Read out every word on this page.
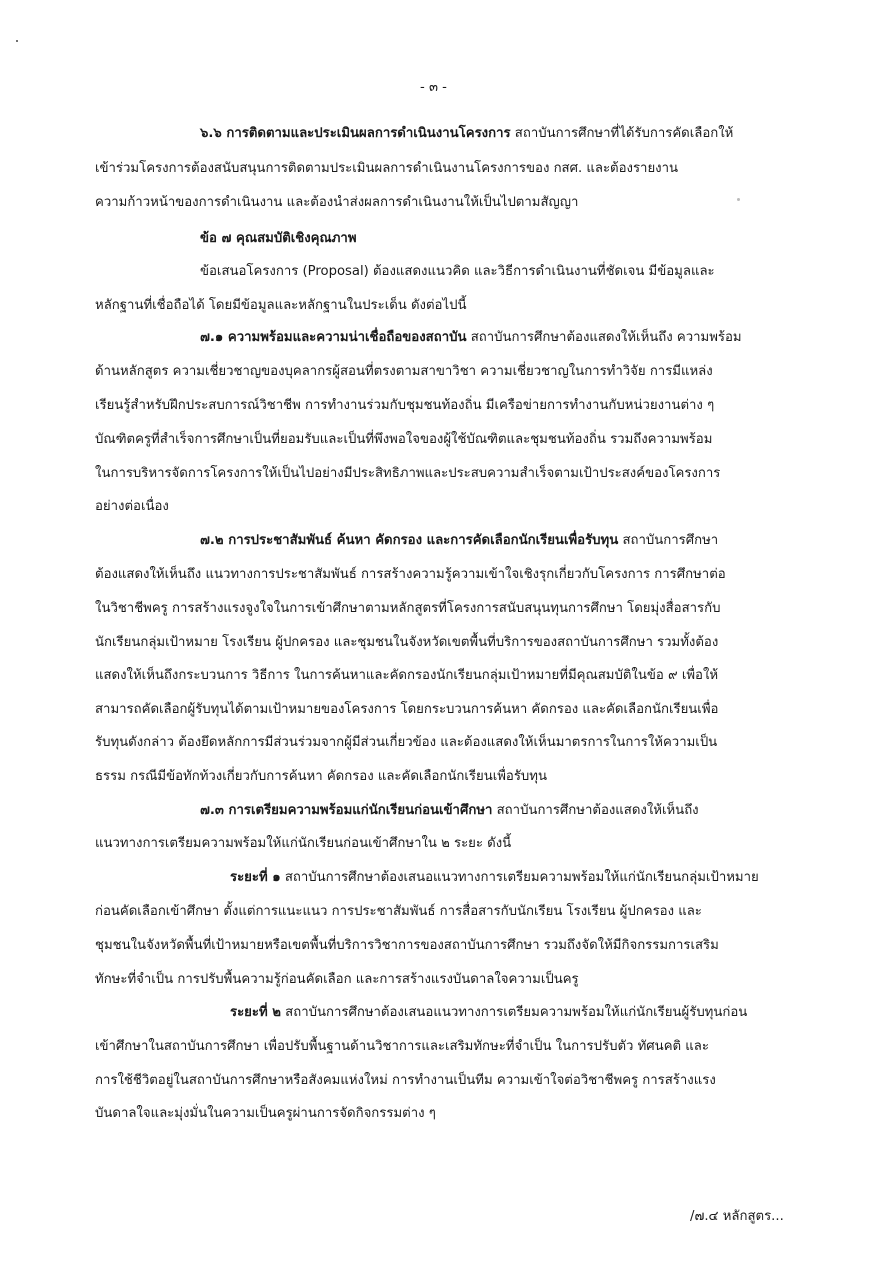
- ๓ -
๖.๖ การติดตามและประเมินผลการดำเนินงานโครงการ สถาบันการศึกษาที่ได้รับการคัดเลือกให้
เข้าร่วมโครงการต้องสนับสนุนการติดตามประเมินผลการดำเนินงานโครงการของ กสศ. และต้องรายงาน
ความก้าวหน้าของการดำเนินงาน และต้องนำส่งผลการดำเนินงานให้เป็นไปตามสัญญา
ข้อ ๗ คุณสมบัติเชิงคุณภาพ
ข้อเสนอโครงการ (Proposal) ต้องแสดงแนวคิด และวิธีการดำเนินงานที่ชัดเจน มีข้อมูลและ
หลักฐานที่เชื่อถือได้ โดยมีข้อมูลและหลักฐานในประเด็น ดังต่อไปนี้
๗.๑ ความพร้อมและความน่าเชื่อถือของสถาบัน สถาบันการศึกษาต้องแสดงให้เห็นถึง ความพร้อม
ด้านหลักสูตร ความเชี่ยวชาญของบุคลากรผู้สอนที่ตรงตามสาขาวิชา ความเชี่ยวชาญในการทำวิจัย การมีแหล่ง
เรียนรู้สำหรับฝึกประสบการณ์วิชาชีพ การทำงานร่วมกับชุมชนท้องถิ่น มีเครือข่ายการทำงานกับหน่วยงานต่าง ๆ
บัณฑิตครูที่สำเร็จการศึกษาเป็นที่ยอมรับและเป็นที่พึงพอใจของผู้ใช้บัณฑิตและชุมชนท้องถิ่น รวมถึงความพร้อม
ในการบริหารจัดการโครงการให้เป็นไปอย่างมีประสิทธิภาพและประสบความสำเร็จตามเป้าประสงค์ของโครงการ
อย่างต่อเนื่อง
๗.๒ การประชาสัมพันธ์ ค้นหา คัดกรอง และการคัดเลือกนักเรียนเพื่อรับทุน สถาบันการศึกษา
ต้องแสดงให้เห็นถึง แนวทางการประชาสัมพันธ์ การสร้างความรู้ความเข้าใจเชิงรุกเกี่ยวกับโครงการ การศึกษาต่อ
ในวิชาชีพครู การสร้างแรงจูงใจในการเข้าศึกษาตามหลักสูตรที่โครงการสนับสนุนทุนการศึกษา โดยมุ่งสื่อสารกับ
นักเรียนกลุ่มเป้าหมาย โรงเรียน ผู้ปกครอง และชุมชนในจังหวัดเขตพื้นที่บริการของสถาบันการศึกษา รวมทั้งต้อง
แสดงให้เห็นถึงกระบวนการ วิธีการ ในการค้นหาและคัดกรองนักเรียนกลุ่มเป้าหมายที่มีคุณสมบัติในข้อ ๙ เพื่อให้
สามารถคัดเลือกผู้รับทุนได้ตามเป้าหมายของโครงการ โดยกระบวนการค้นหา คัดกรอง และคัดเลือกนักเรียนเพื่อ
รับทุนดังกล่าว ต้องยึดหลักการมีส่วนร่วมจากผู้มีส่วนเกี่ยวข้อง และต้องแสดงให้เห็นมาตรการในการให้ความเป็น
ธรรม กรณีมีข้อทักท้วงเกี่ยวกับการค้นหา คัดกรอง และคัดเลือกนักเรียนเพื่อรับทุน
๗.๓ การเตรียมความพร้อมแก่นักเรียนก่อนเข้าศึกษา สถาบันการศึกษาต้องแสดงให้เห็นถึง
แนวทางการเตรียมความพร้อมให้แก่นักเรียนก่อนเข้าศึกษาใน ๒ ระยะ ดังนี้
ระยะที่ ๑ สถาบันการศึกษาต้องเสนอแนวทางการเตรียมความพร้อมให้แก่นักเรียนกลุ่มเป้าหมาย
ก่อนคัดเลือกเข้าศึกษา ตั้งแต่การแนะแนว การประชาสัมพันธ์ การสื่อสารกับนักเรียน โรงเรียน ผู้ปกครอง และ
ชุมชนในจังหวัดพื้นที่เป้าหมายหรือเขตพื้นที่บริการวิชาการของสถาบันการศึกษา รวมถึงจัดให้มีกิจกรรมการเสริม
ทักษะที่จำเป็น การปรับพื้นความรู้ก่อนคัดเลือก และการสร้างแรงบันดาลใจความเป็นครู
ระยะที่ ๒ สถาบันการศึกษาต้องเสนอแนวทางการเตรียมความพร้อมให้แก่นักเรียนผู้รับทุนก่อน
เข้าศึกษาในสถาบันการศึกษา เพื่อปรับพื้นฐานด้านวิชาการและเสริมทักษะที่จำเป็น ในการปรับตัว ทัศนคติ และ
การใช้ชีวิตอยู่ในสถาบันการศึกษาหรือสังคมแห่งใหม่ การทำงานเป็นทีม ความเข้าใจต่อวิชาชีพครู การสร้างแรง
บันดาลใจและมุ่งมั่นในความเป็นครูผ่านการจัดกิจกรรมต่าง ๆ
/๗.๔ หลักสูตร...
